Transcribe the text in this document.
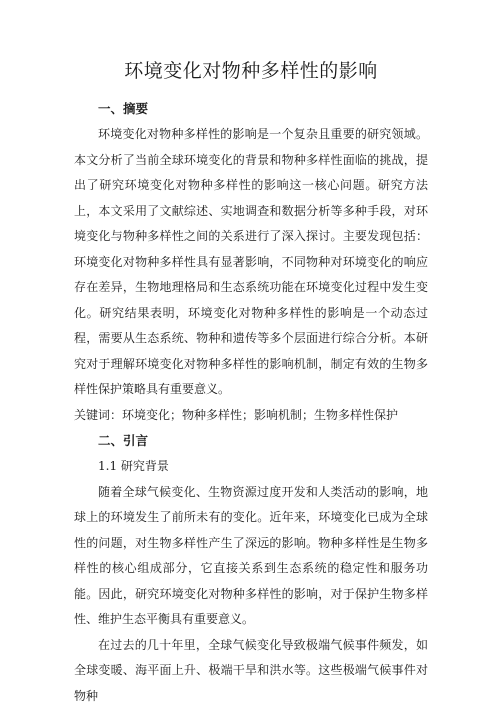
环境变化对物种多样性的影响
一、摘要

环境变化对物种多样性的影响是一个复杂且重要的研究领域。本文分析了当前全球环境变化的背景和物种多样性面临的挑战，提出了研究环境变化对物种多样性的影响这一核心问题。研究方法上，本文采用了文献综述、实地调查和数据分析等多种手段，对环境变化与物种多样性之间的关系进行了深入探讨。主要发现包括：环境变化对物种多样性具有显著影响，不同物种对环境变化的响应存在差异，生物地理格局和生态系统功能在环境变化过程中发生变化。研究结果表明，环境变化对物种多样性的影响是一个动态过程，需要从生态系统、物种和遗传等多个层面进行综合分析。本研究对于理解环境变化对物种多样性的影响机制，制定有效的生物多样性保护策略具有重要意义。

关键词：环境变化；物种多样性；影响机制；生物多样性保护

二、引言
1.1 研究背景

随着全球气候变化、生物资源过度开发和人类活动的影响，地球上的环境发生了前所未有的变化。近年来，环境变化已成为全球性的问题，对生物多样性产生了深远的影响。物种多样性是生物多样性的核心组成部分，它直接关系到生态系统的稳定性和服务功能。因此，研究环境变化对物种多样性的影响，对于保护生物多样性、维护生态平衡具有重要意义。

在过去的几十年里，全球气候变化导致极端气候事件频发，如全球变暖、海平面上升、极端干旱和洪水等。这些极端气候事件对物种
